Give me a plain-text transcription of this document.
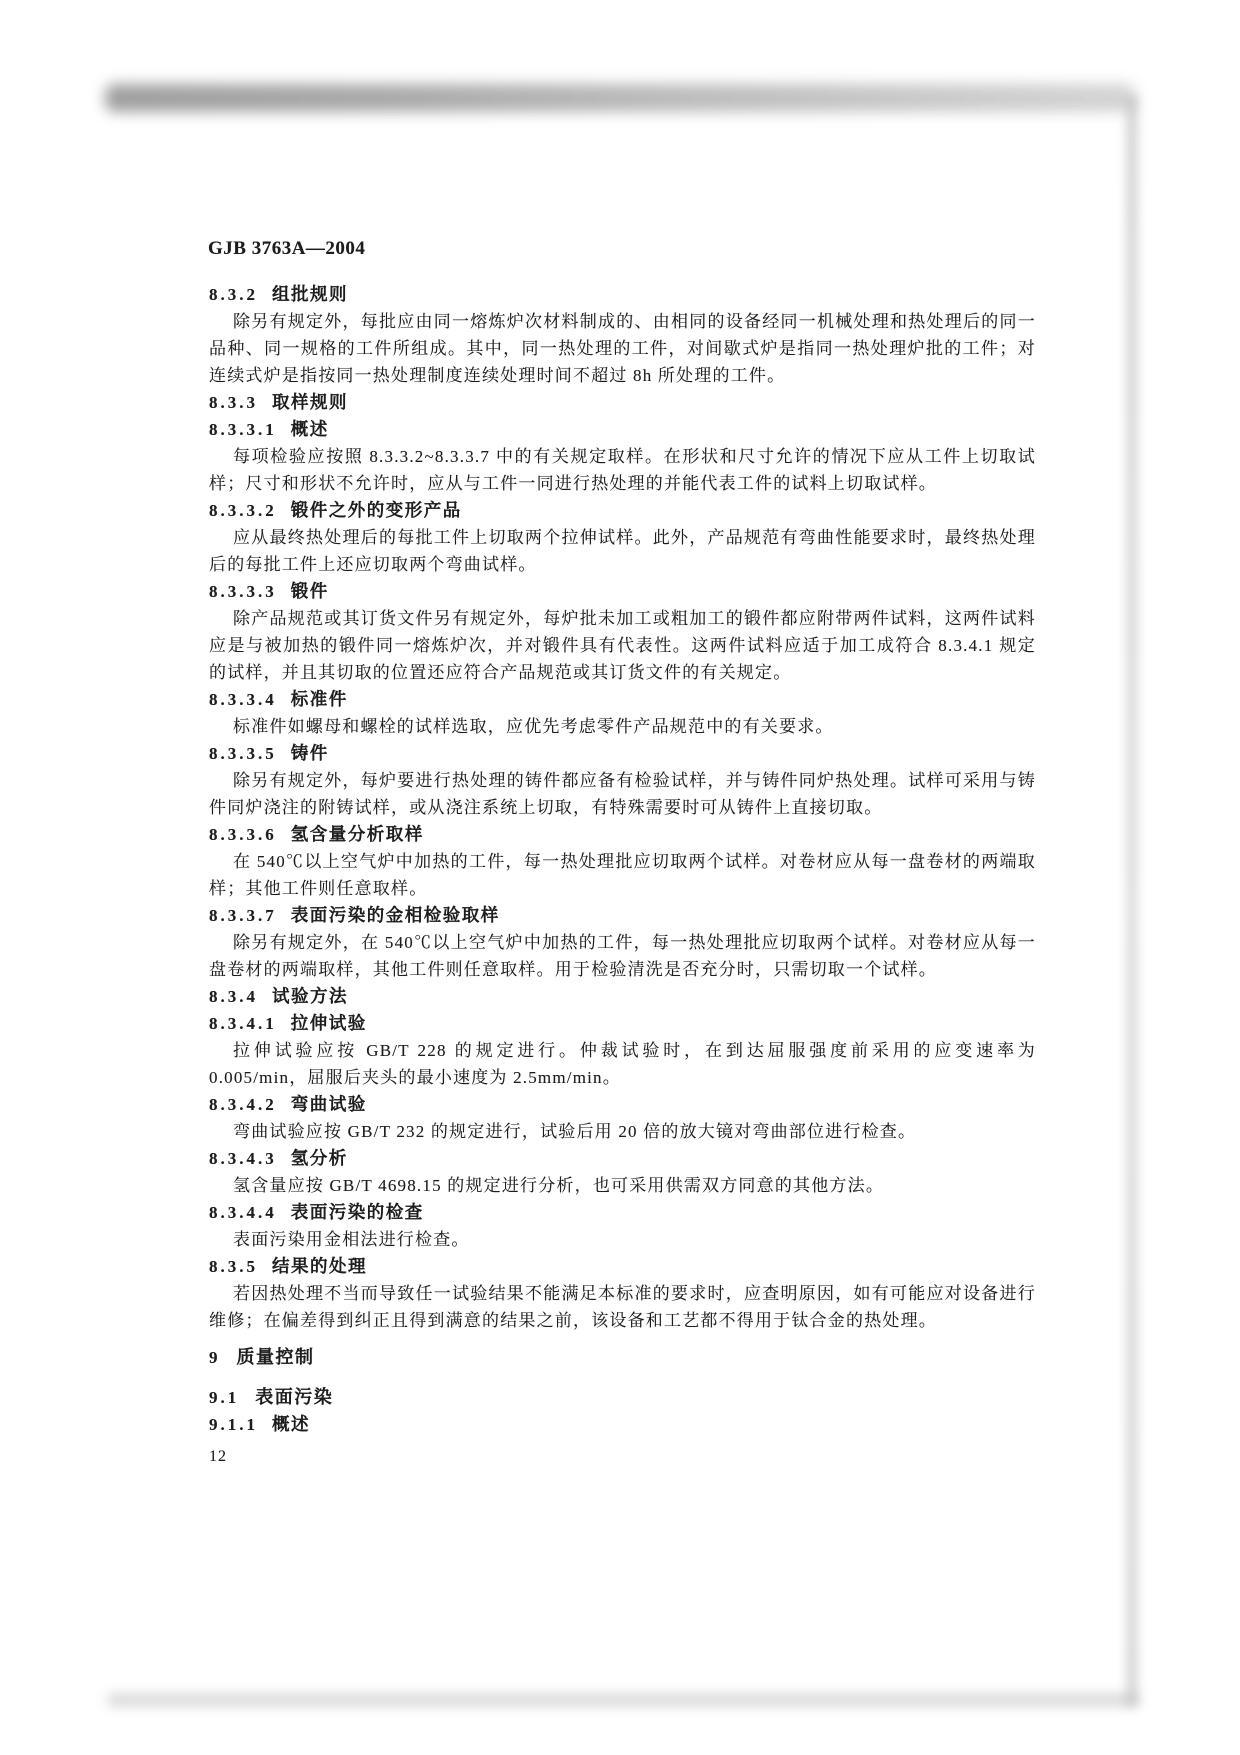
GJB 3763A—2004
8.3.2 组批规则

除另有规定外，每批应由同一熔炼炉次材料制成的、由相同的设备经同一机械处理和热处理后的同一品种、同一规格的工件所组成。其中，同一热处理的工件，对间歇式炉是指同一热处理炉批的工件；对连续式炉是指按同一热处理制度连续处理时间不超过 8h 所处理的工件。

8.3.3 取样规则
8.3.3.1 概述

每项检验应按照 8.3.3.2~8.3.3.7 中的有关规定取样。在形状和尺寸允许的情况下应从工件上切取试样；尺寸和形状不允许时，应从与工件一同进行热处理的并能代表工件的试料上切取试样。

8.3.3.2 锻件之外的变形产品

应从最终热处理后的每批工件上切取两个拉伸试样。此外，产品规范有弯曲性能要求时，最终热处理后的每批工件上还应切取两个弯曲试样。

8.3.3.3 锻件

除产品规范或其订货文件另有规定外，每炉批未加工或粗加工的锻件都应附带两件试料，这两件试料应是与被加热的锻件同一熔炼炉次，并对锻件具有代表性。这两件试料应适于加工成符合 8.3.4.1 规定的试样，并且其切取的位置还应符合产品规范或其订货文件的有关规定。

8.3.3.4 标准件

标准件如螺母和螺栓的试样选取，应优先考虑零件产品规范中的有关要求。

8.3.3.5 铸件

除另有规定外，每炉要进行热处理的铸件都应备有检验试样，并与铸件同炉热处理。试样可采用与铸件同炉浇注的附铸试样，或从浇注系统上切取，有特殊需要时可从铸件上直接切取。

8.3.3.6 氢含量分析取样

在 540℃以上空气炉中加热的工件，每一热处理批应切取两个试样。对卷材应从每一盘卷材的两端取样；其他工件则任意取样。

8.3.3.7 表面污染的金相检验取样

除另有规定外，在 540℃以上空气炉中加热的工件，每一热处理批应切取两个试样。对卷材应从每一盘卷材的两端取样，其他工件则任意取样。用于检验清洗是否充分时，只需切取一个试样。

8.3.4 试验方法
8.3.4.1 拉伸试验

拉伸试验应按 GB/T 228 的规定进行。仲裁试验时，在到达屈服强度前采用的应变速率为 0.005/min，屈服后夹头的最小速度为 2.5mm/min。

8.3.4.2 弯曲试验

弯曲试验应按 GB/T 232 的规定进行，试验后用 20 倍的放大镜对弯曲部位进行检查。

8.3.4.3 氢分析

氢含量应按 GB/T 4698.15 的规定进行分析，也可采用供需双方同意的其他方法。

8.3.4.4 表面污染的检查

表面污染用金相法进行检查。

8.3.5 结果的处理

若因热处理不当而导致任一试验结果不能满足本标准的要求时，应查明原因，如有可能应对设备进行维修；在偏差得到纠正且得到满意的结果之前，该设备和工艺都不得用于钛合金的热处理。

9 质量控制
9.1 表面污染
9.1.1 概述
12
